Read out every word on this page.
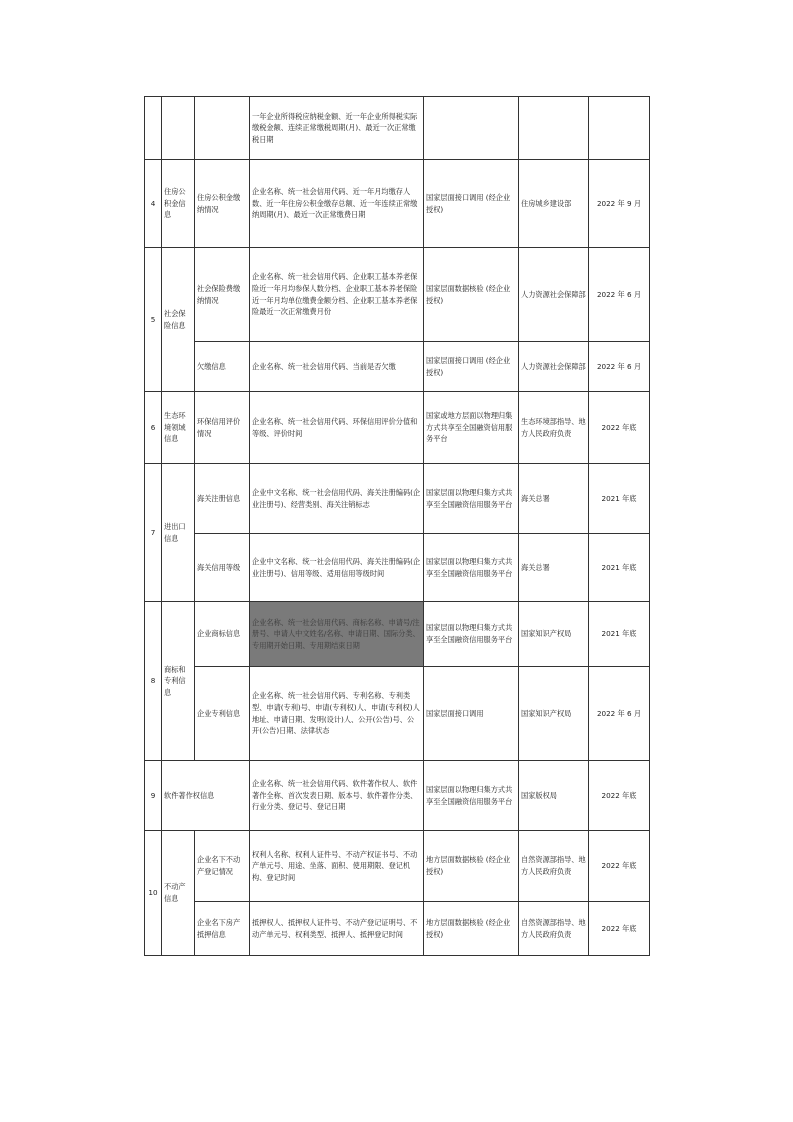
			一年企业所得税应纳税金额、近一年企业所得税实际缴税金额、连续正常缴税周期(月)、最近一次正常缴税日期			
4	住房公积金信息	住房公积金缴纳情况	企业名称、统一社会信用代码、近一年月均缴存人数、近一年住房公积金缴存总额、近一年连续正常缴纳周期(月)、最近一次正常缴费日期	国家层面接口调用 (经企业授权)	住房城乡建设部	2022 年 9 月
5	社会保险信息	社会保险费缴纳情况	企业名称、统一社会信用代码、企业职工基本养老保险近一年月均参保人数分档、企业职工基本养老保险近一年月均单位缴费金额分档、企业职工基本养老保险最近一次正常缴费月份	国家层面数据核验 (经企业授权)	人力资源社会保障部	2022 年 6 月
		欠缴信息	企业名称、统一社会信用代码、当前是否欠缴	国家层面接口调用 (经企业授权)	人力资源社会保障部	2022 年 6 月
6	生态环境领域信息	环保信用评价情况	企业名称、统一社会信用代码、环保信用评价分值和等级、评价时间	国家或地方层面以物理归集方式共享至全国融资信用服务平台	生态环境部指导、地方人民政府负责	2022 年底
7	进出口信息	海关注册信息	企业中文名称、统一社会信用代码、海关注册编码(企业注册号)、经营类别、海关注销标志	国家层面以物理归集方式共享至全国融资信用服务平台	海关总署	2021 年底
		海关信用等级	企业中文名称、统一社会信用代码、海关注册编码(企业注册号)、信用等级、适用信用等级时间	国家层面以物理归集方式共享至全国融资信用服务平台	海关总署	2021 年底
8	商标和专利信息	企业商标信息	企业名称、统一社会信用代码、商标名称、申请号/注册号、申请人中文姓名/名称、申请日期、国际分类、专用期开始日期、专用期结束日期	国家层面以物理归集方式共享至全国融资信用服务平台	国家知识产权局	2021 年底
		企业专利信息	企业名称、统一社会信用代码、专利名称、专利类型、申请(专利)号、申请(专利权)人、申请(专利权)人地址、申请日期、发明(设计)人、公开(公告)号、公开(公告)日期、法律状态	国家层面接口调用	国家知识产权局	2022 年 6 月
9	软件著作权信息		企业名称、统一社会信用代码、软件著作权人、软件著作全称、首次发表日期、版本号、软件著作分类、行业分类、登记号、登记日期	国家层面以物理归集方式共享至全国融资信用服务平台	国家版权局	2022 年底
10	不动产信息	企业名下不动产登记情况	权利人名称、权利人证件号、不动产权证书号、不动产单元号、用途、坐落、面积、使用期限、登记机构、登记时间	地方层面数据核验 (经企业授权)	自然资源部指导、地方人民政府负责	2022 年底
		企业名下房产抵押信息	抵押权人、抵押权人证件号、不动产登记证明号、不动产单元号、权利类型、抵押人、抵押登记时间	地方层面数据核验 (经企业授权)	自然资源部指导、地方人民政府负责	2022 年底
